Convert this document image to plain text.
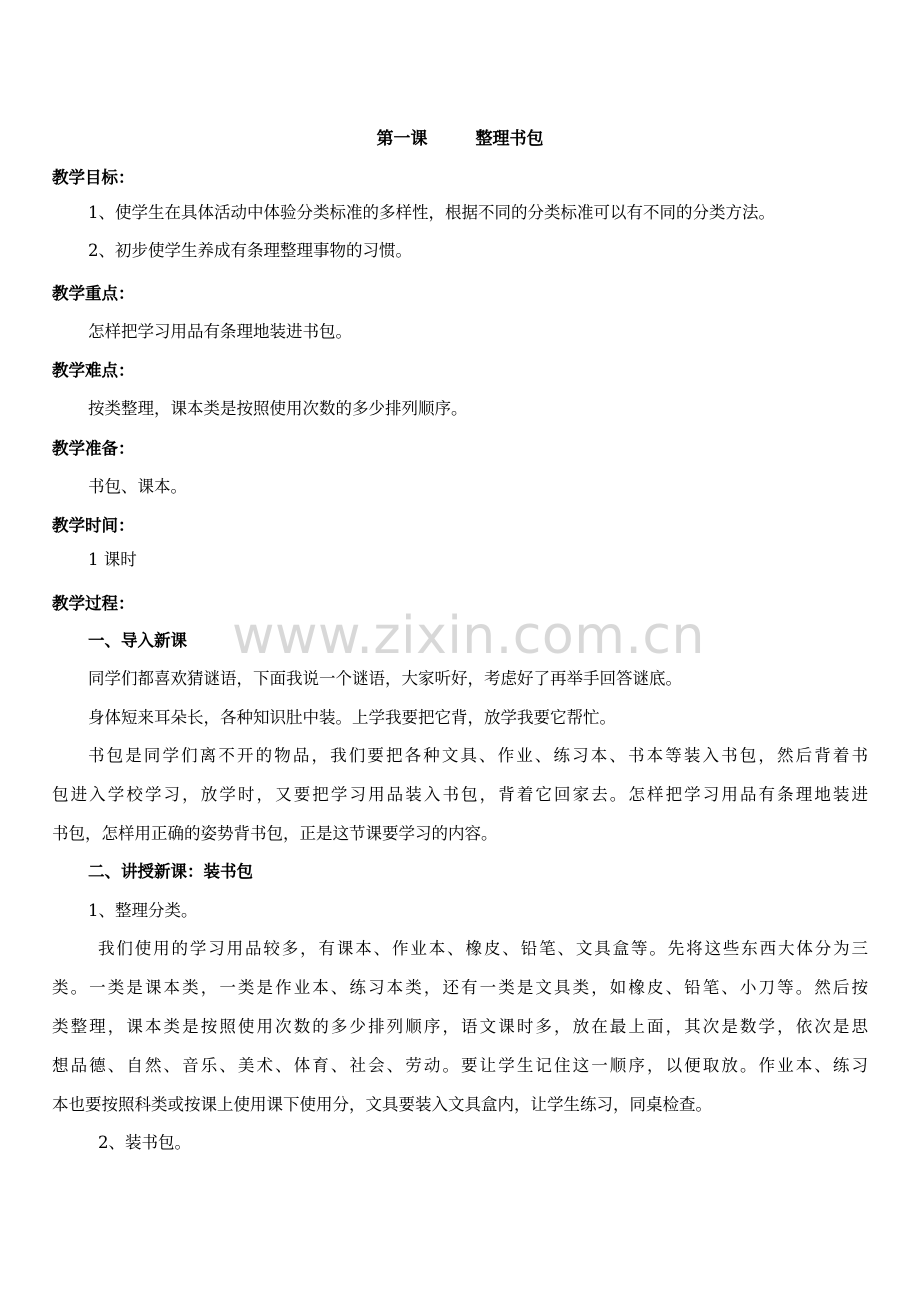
第一课	整理书包
教学目标：
1、使学生在具体活动中体验分类标准的多样性，根据不同的分类标准可以有不同的分类方法。
2、初步使学生养成有条理整理事物的习惯。
教学重点：
怎样把学习用品有条理地装进书包。
教学难点：
按类整理，课本类是按照使用次数的多少排列顺序。
教学准备：
书包、课本。
教学时间：
1 课时
教学过程：
www.zixin.com.cn
一、导入新课
同学们都喜欢猜谜语，下面我说一个谜语，大家听好，考虑好了再举手回答谜底。
身体短来耳朵长，各种知识肚中装。上学我要把它背，放学我要它帮忙。
书包是同学们离不开的物品，我们要把各种文具、作业、练习本、书本等装入书包，然后背着书
包进入学校学习，放学时，又要把学习用品装入书包，背着它回家去。怎样把学习用品有条理地装进
书包，怎样用正确的姿势背书包，正是这节课要学习的内容。
二、讲授新课：装书包
1、整理分类。
我们使用的学习用品较多，有课本、作业本、橡皮、铅笔、文具盒等。先将这些东西大体分为三
类。一类是课本类，一类是作业本、练习本类，还有一类是文具类，如橡皮、铅笔、小刀等。然后按
类整理，课本类是按照使用次数的多少排列顺序，语文课时多，放在最上面，其次是数学，依次是思
想品德、自然、音乐、美术、体育、社会、劳动。要让学生记住这一顺序，以便取放。作业本、练习
本也要按照科类或按课上使用课下使用分，文具要装入文具盒内，让学生练习，同桌检查。
2、装书包。
